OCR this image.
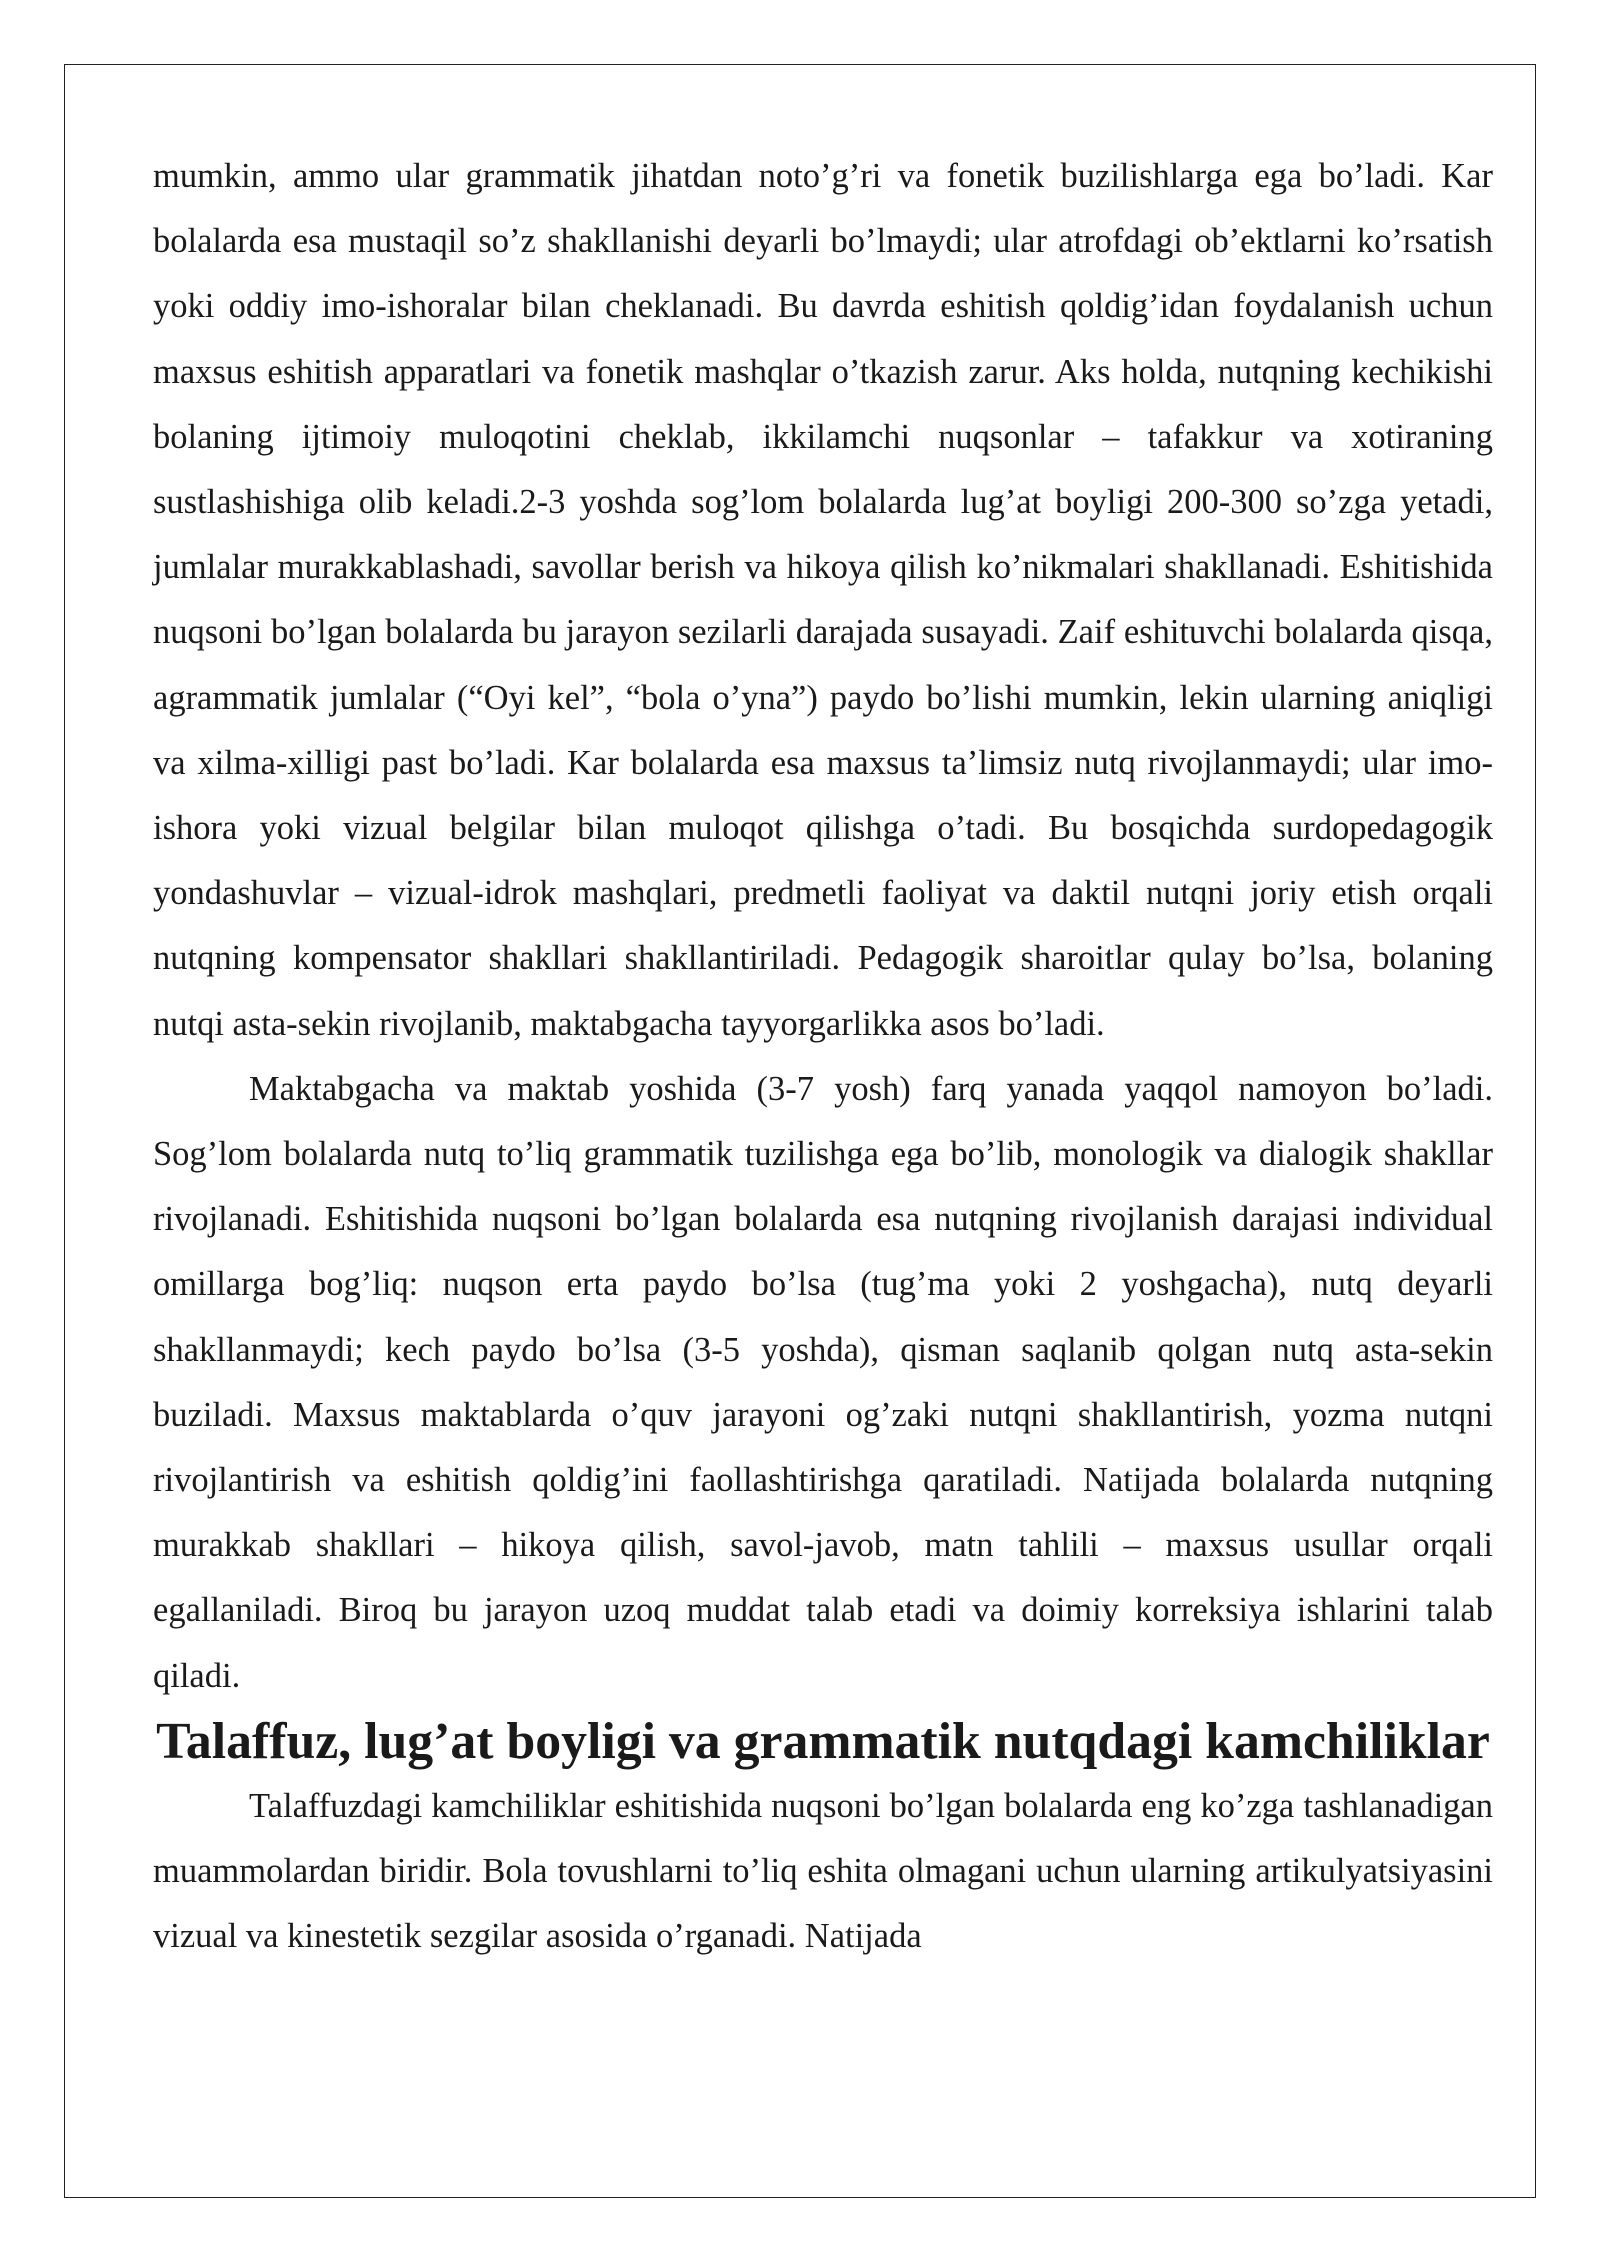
mumkin, ammo ular grammatik jihatdan noto’g’ri va fonetik buzilishlarga ega bo’ladi. Kar bolalarda esa mustaqil so’z shakllanishi deyarli bo’lmaydi; ular atrofdagi ob’ektlarni ko’rsatish yoki oddiy imo-ishoralar bilan cheklanadi. Bu davrda eshitish qoldig’idan foydalanish uchun maxsus eshitish apparatlari va fonetik mashqlar o’tkazish zarur. Aks holda, nutqning kechikishi bolaning ijtimoiy muloqotini cheklab, ikkilamchi nuqsonlar – tafakkur va xotiraning sustlashishiga olib keladi.2-3 yoshda sog’lom bolalarda lug’at boyligi 200-300 so’zga yetadi, jumlalar murakkablashadi, savollar berish va hikoya qilish ko’nikmalari shakllanadi. Eshitishida nuqsoni bo’lgan bolalarda bu jarayon sezilarli darajada susayadi. Zaif eshituvchi bolalarda qisqa, agrammatik jumlalar (“Oyi kel”, “bola o’yna”) paydo bo’lishi mumkin, lekin ularning aniqligi va xilma-xilligi past bo’ladi. Kar bolalarda esa maxsus ta’limsiz nutq rivojlanmaydi; ular imo-ishora yoki vizual belgilar bilan muloqot qilishga o’tadi. Bu bosqichda surdopedagogik yondashuvlar – vizual-idrok mashqlari, predmetli faoliyat va daktil nutqni joriy etish orqali nutqning kompensator shakllari shakllantiriladi. Pedagogik sharoitlar qulay bo’lsa, bolaning nutqi asta-sekin rivojlanib, maktabgacha tayyorgarlikka asos bo’ladi.

Maktabgacha va maktab yoshida (3-7 yosh) farq yanada yaqqol namoyon bo’ladi. Sog’lom bolalarda nutq to’liq grammatik tuzilishga ega bo’lib, monologik va dialogik shakllar rivojlanadi. Eshitishida nuqsoni bo’lgan bolalarda esa nutqning rivojlanish darajasi individual omillarga bog’liq: nuqson erta paydo bo’lsa (tug’ma yoki 2 yoshgacha), nutq deyarli shakllanmaydi; kech paydo bo’lsa (3-5 yoshda), qisman saqlanib qolgan nutq asta-sekin buziladi. Maxsus maktablarda o’quv jarayoni og’zaki nutqni shakllantirish, yozma nutqni rivojlantirish va eshitish qoldig’ini faollashtirishga qaratiladi. Natijada bolalarda nutqning murakkab shakllari – hikoya qilish, savol-javob, matn tahlili – maxsus usullar orqali egallaniladi. Biroq bu jarayon uzoq muddat talab etadi va doimiy korreksiya ishlarini talab qiladi.

Talaffuz, lug’at boyligi va grammatik nutqdagi kamchiliklar

Talaffuzdagi kamchiliklar eshitishida nuqsoni bo’lgan bolalarda eng ko’zga tashlanadigan muammolardan biridir. Bola tovushlarni to’liq eshita olmagani uchun ularning artikulyatsiyasini vizual va kinestetik sezgilar asosida o’rganadi. Natijada
